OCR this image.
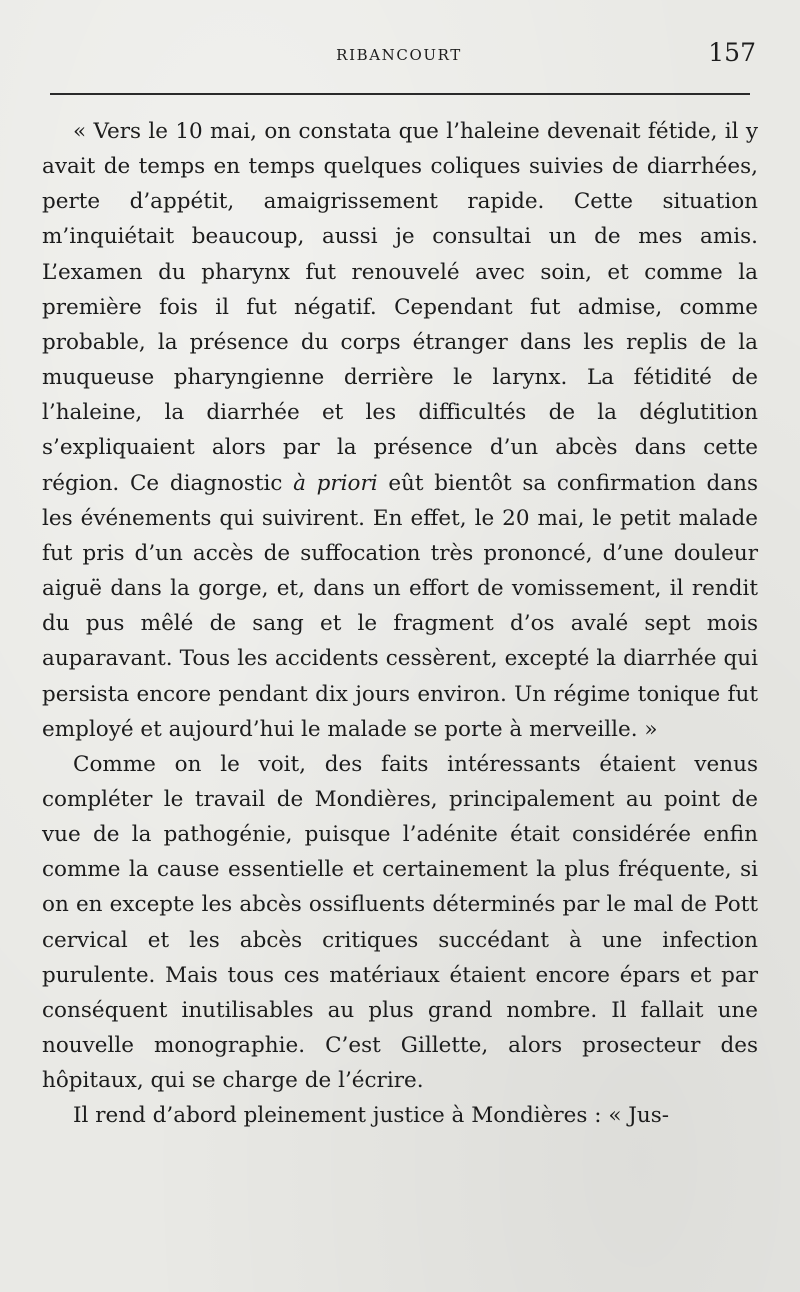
RIBANCOURT	157

« Vers le 10 mai, on constata que l’haleine devenait fétide, il y avait de temps en temps quelques coliques suivies de diarrhées, perte d’appétit, amaigrissement rapide. Cette situation m’inquiétait beaucoup, aussi je consultai un de mes amis. L’examen du pharynx fut renouvelé avec soin, et comme la première fois il fut négatif. Cependant fut admise, comme probable, la présence du corps étranger dans les replis de la muqueuse pharyngienne derrière le larynx. La fétidité de l’haleine, la diarrhée et les difficultés de la déglutition s’expliquaient alors par la présence d’un abcès dans cette région. Ce diagnostic à priori eût bientôt sa confirmation dans les événements qui suivirent. En effet, le 20 mai, le petit malade fut pris d’un accès de suffocation très prononcé, d’une douleur aiguë dans la gorge, et, dans un effort de vomissement, il rendit du pus mêlé de sang et le fragment d’os avalé sept mois auparavant. Tous les accidents cessèrent, excepté la diarrhée qui persista encore pendant dix jours environ. Un régime tonique fut employé et aujourd’hui le malade se porte à merveille. »

Comme on le voit, des faits intéressants étaient venus compléter le travail de Mondières, principalement au point de vue de la pathogénie, puisque l’adénite était considérée enfin comme la cause essentielle et certainement la plus fréquente, si on en excepte les abcès ossifluents déterminés par le mal de Pott cervical et les abcès critiques succédant à une infection purulente. Mais tous ces matériaux étaient encore épars et par conséquent inutilisables au plus grand nombre. Il fallait une nouvelle monographie. C’est Gillette, alors prosecteur des hôpitaux, qui se charge de l’écrire.

Il rend d’abord pleinement justice à Mondières : « Jus-
